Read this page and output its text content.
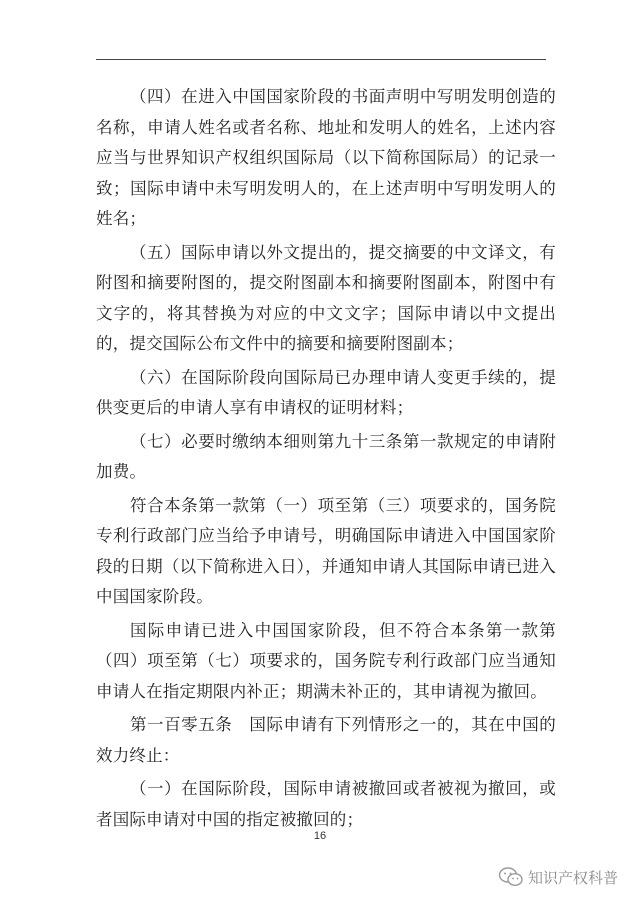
（四）在进入中国国家阶段的书面声明中写明发明创造的名称，申请人姓名或者名称、地址和发明人的姓名，上述内容应当与世界知识产权组织国际局（以下简称国际局）的记录一致；国际申请中未写明发明人的，在上述声明中写明发明人的姓名；

（五）国际申请以外文提出的，提交摘要的中文译文，有附图和摘要附图的，提交附图副本和摘要附图副本，附图中有文字的，将其替换为对应的中文文字；国际申请以中文提出的，提交国际公布文件中的摘要和摘要附图副本；

（六）在国际阶段向国际局已办理申请人变更手续的，提供变更后的申请人享有申请权的证明材料；

（七）必要时缴纳本细则第九十三条第一款规定的申请附加费。

符合本条第一款第（一）项至第（三）项要求的，国务院专利行政部门应当给予申请号，明确国际申请进入中国国家阶段的日期（以下简称进入日），并通知申请人其国际申请已进入中国国家阶段。

国际申请已进入中国国家阶段，但不符合本条第一款第（四）项至第（七）项要求的，国务院专利行政部门应当通知申请人在指定期限内补正；期满未补正的，其申请视为撤回。

第一百零五条　国际申请有下列情形之一的，其在中国的效力终止：

（一）在国际阶段，国际申请被撤回或者被视为撤回，或者国际申请对中国的指定被撤回的；

16
知识产权科普
